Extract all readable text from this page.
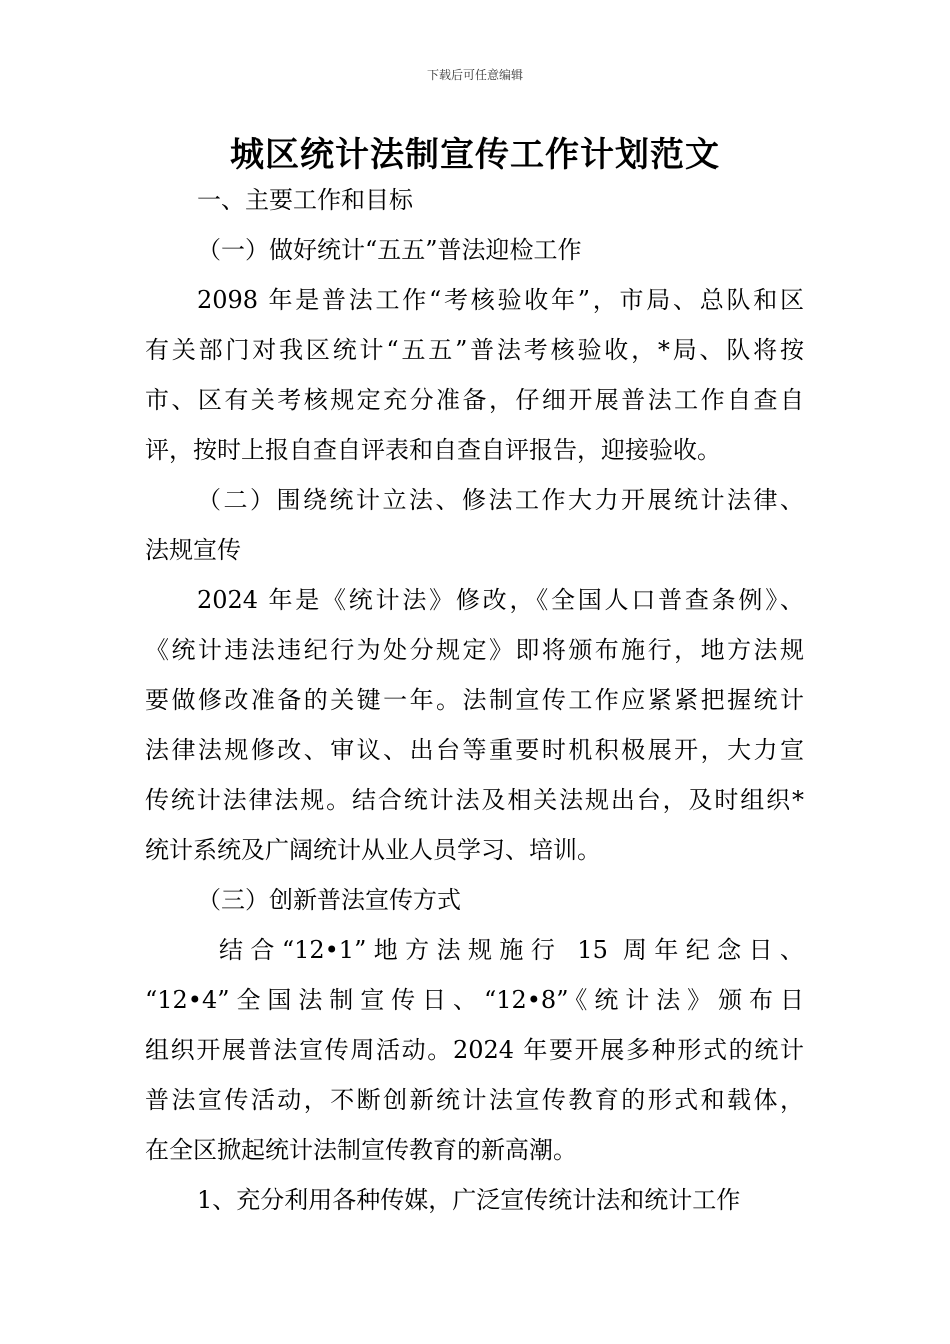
下载后可任意编辑
城区统计法制宣传工作计划范文
一、主要工作和目标
（一）做好统计“五五”普法迎检工作
2098 年是普法工作“考核验收年”，市局、总队和区
有关部门对我区统计“五五”普法考核验收，*局、队将按
市、区有关考核规定充分准备，仔细开展普法工作自查自
评，按时上报自查自评表和自查自评报告，迎接验收。
（二）围绕统计立法、修法工作大力开展统计法律、
法规宣传
2024 年是《统计法》修改，《全国人口普查条例》、
《统计违法违纪行为处分规定》即将颁布施行，地方法规
要做修改准备的关键一年。法制宣传工作应紧紧把握统计
法律法规修改、审议、出台等重要时机积极展开，大力宣
传统计法律法规。结合统计法及相关法规出台，及时组织*
统计系统及广阔统计从业人员学习、培训。
（三）创新普法宣传方式
结合“12•1”地方法规施行 15 周年纪念日、
“12•4”全国法制宣传日、“12•8”《统计法》颁布日
组织开展普法宣传周活动。2024 年要开展多种形式的统计
普法宣传活动，不断创新统计法宣传教育的形式和载体，
在全区掀起统计法制宣传教育的新高潮。
1、充分利用各种传媒，广泛宣传统计法和统计工作
